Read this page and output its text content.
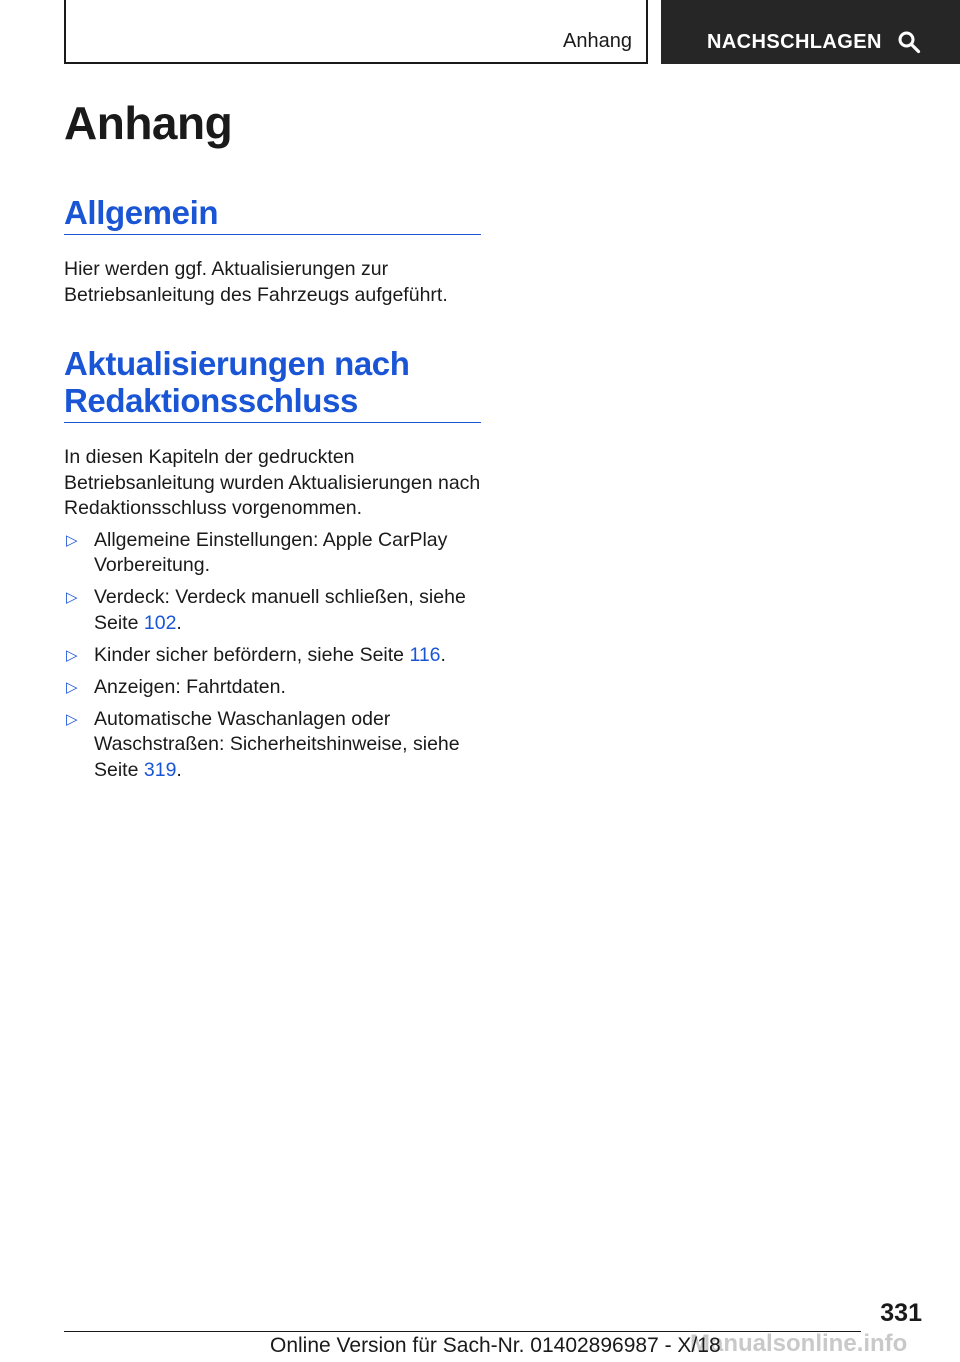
Anhang	NACHSCHLAGEN
Anhang
Allgemein

Hier werden ggf. Aktualisierungen zur Betriebsanleitung des Fahrzeugs aufgeführt.

Aktualisierungen nach Redaktionsschluss

In diesen Kapiteln der gedruckten Betriebsanleitung wurden Aktualisierungen nach Redaktionsschluss vorgenommen.

▷ Allgemeine Einstellungen: Apple CarPlay Vorbereitung.
▷ Verdeck: Verdeck manuell schließen, siehe Seite 102.
▷ Kinder sicher befördern, siehe Seite 116.
▷ Anzeigen: Fahrtdaten.
▷ Automatische Waschanlagen oder Waschstraßen: Sicherheitshinweise, siehe Seite 319.
331
Manualsonline.info
Online Version für Sach-Nr. 01402896987 - X/18
